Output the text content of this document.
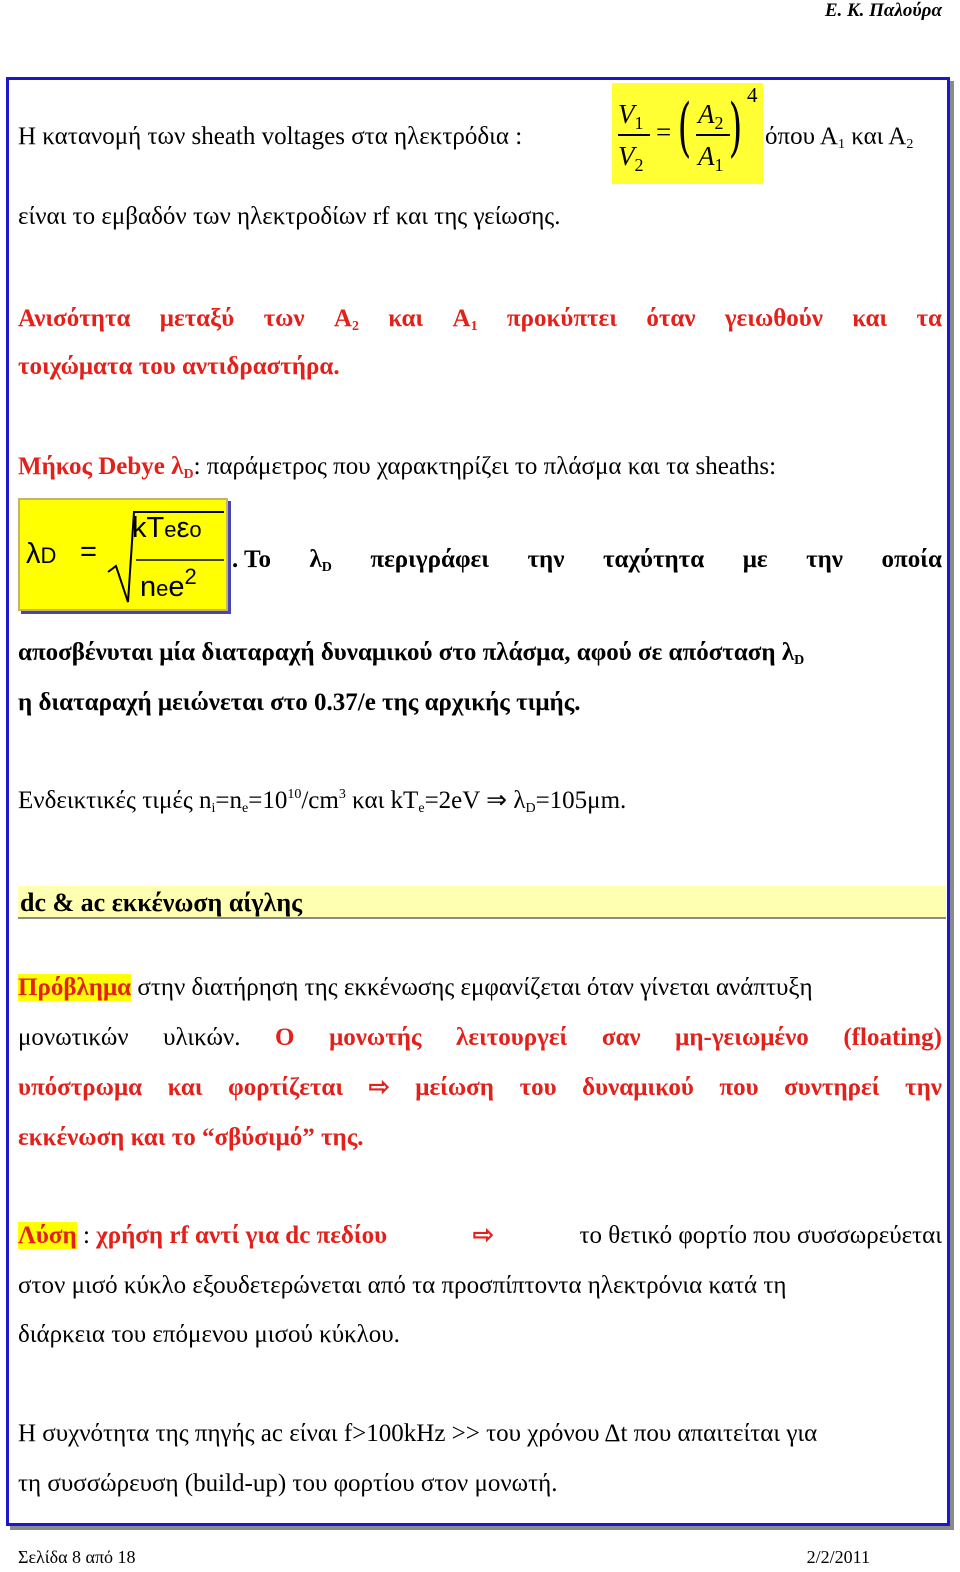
Ε. Κ. Παλούρα
Η κατανομή των sheath voltages στα ηλεκτρόδια :
$V_1$
$V_2$
= ( $A_2$
$A_1$ ) 4
όπου $A_1$ και $A_2$
είναι το εμβαδόν των ηλεκτροδίων rf και της γείωσης.
Ανισότητα μεταξύ των $A_2$ και $A_1$ προκύπτει όταν γειωθούν και τα
τοιχώματα του αντιδραστήρα.
Μήκος Debye $\lambda_D$: παράμετρος που χαρακτηρίζει το πλάσμα και τα sheaths:
λD =
kTeεo
nee$^2$
. Το $\lambda_D$ περιγράφει την ταχύτητα με την οποία
αποσβένυται μία διαταραχή δυναμικού στο πλάσμα, αφού σε απόσταση $\lambda_D$
η διαταραχή μειώνεται στο 0.37/e της αρχικής τιμής.
Ενδεικτικές τιμές $n_i=n_e=10^{10}/cm^3$ και $kT_e=2eV$ ⇒ $\lambda_D=105\mu m$.
dc & ac εκκένωση αίγλης
Πρόβλημα στην διατήρηση της εκκένωσης εμφανίζεται όταν γίνεται ανάπτυξη
μονωτικών υλικών. Ο μονωτής λειτουργεί σαν μη-γειωμένο (floating)
υπόστρωμα και φορτίζεται ⇨ μείωση του δυναμικού που συντηρεί την
εκκένωση και το “σβύσιμό” της.
Λύση : χρήση rf αντί για dc πεδίου	⇨	το θετικό φορτίο που συσσωρεύεται
στον μισό κύκλο εξουδετερώνεται από τα προσπίπτοντα ηλεκτρόνια κατά τη
διάρκεια του επόμενου μισού κύκλου.
Η συχνότητα της πηγής ac είναι f>100kHz >> του χρόνου Δt που απαιτείται για
τη συσσώρευση (build-up) του φορτίου στον μονωτή.
Σελίδα 8 από 18	2/2/2011
